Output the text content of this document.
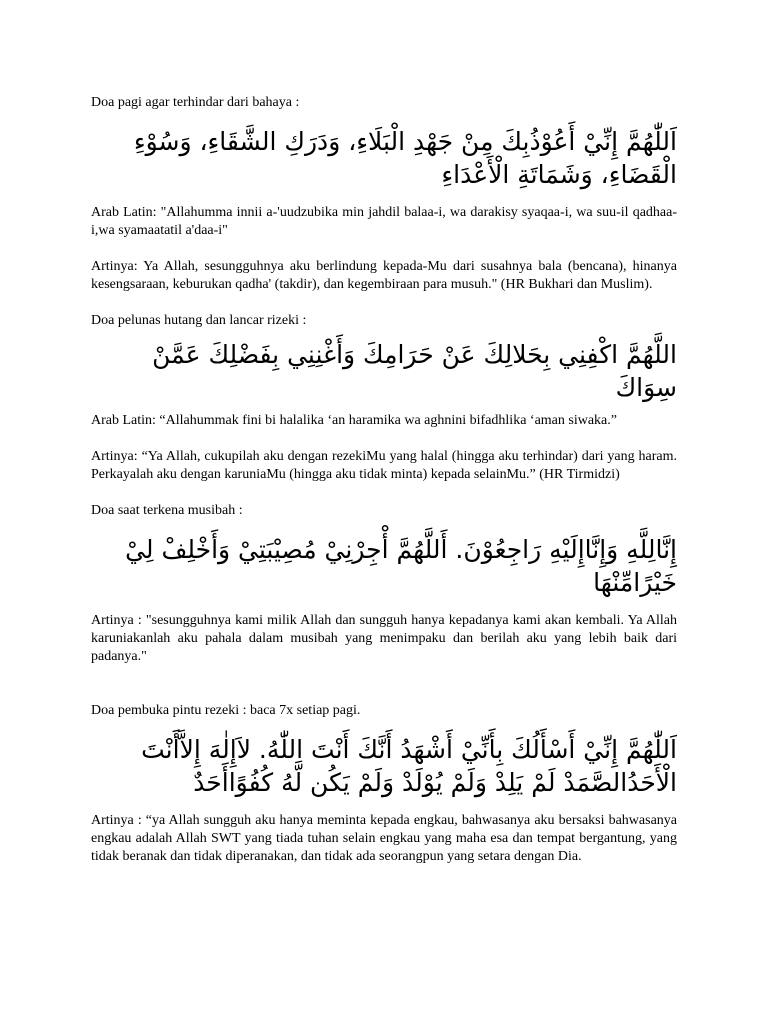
Doa pagi agar terhindar dari bahaya :

اَللّٰهُمَّ إِنِّيْ أَعُوْذُبِكَ مِنْ جَهْدِ الْبَلَاءِ، وَدَرَكِ الشَّقَاءِ، وَسُوْءِ الْقَضَاءِ، وَشَمَاتَةِ الْأَعْدَاءِ

Arab Latin: "Allahumma innii a-'uudzubika min jahdil balaa-i, wa darakisy syaqaa-i, wa suu-il qadhaa-i,wa syamaatatil a'daa-i"

Artinya: Ya Allah, sesungguhnya aku berlindung kepada-Mu dari susahnya bala (bencana), hinanya kesengsaraan, keburukan qadha' (takdir), dan kegembiraan para musuh." (HR Bukhari dan Muslim).

Doa pelunas hutang dan lancar rizeki :

اللَّهُمَّ اكْفِنِي بِحَلالِكَ عَنْ حَرَامِكَ وَأَغْنِنِي بِفَضْلِكَ عَمَّنْ سِوَاكَ

Arab Latin: “Allahummak fini bi halalika ‘an haramika wa aghnini bifadhlika ‘aman siwaka.”

Artinya: “Ya Allah, cukupilah aku dengan rezekiMu yang halal (hingga aku terhindar) dari yang haram. Perkayalah aku dengan karuniaMu (hingga aku tidak minta) kepada selainMu.” (HR Tirmidzi)

Doa saat terkena musibah :

إِنَّالِلَّهِ وَإِنَّاإِلَيْهِ رَاجِعُوْنَ. أَللَّهُمَّ أْجِرْنِيْ مُصِيْبَتِيْ وَأَخْلِفْ لِيْ خَيْرًامِّنْهَا

Artinya : "sesungguhnya kami milik Allah dan sungguh hanya kepadanya kami akan kembali. Ya Allah karuniakanlah aku pahala dalam musibah yang menimpaku dan berilah aku yang lebih baik dari padanya."

Doa pembuka pintu rezeki : baca 7x setiap pagi.

اَللّٰهُمَّ إِنِّيْ أَسْأَلُكَ بِأَنِّيْ أَشْهَدُ أَنَّكَ أَنْتَ اللّٰهُ. لاَإِلٰهَ إِلاَّأَنْتَ الْأَحَدُالصَّمَدْ لَمْ يَلِدْ وَلَمْ يُوْلَدْ وَلَمْ يَكُن لَّهُ كُفُوًاأَحَدٌ

Artinya : “ya Allah sungguh aku hanya meminta kepada engkau, bahwasanya aku bersaksi bahwasanya engkau adalah Allah SWT yang tiada tuhan selain engkau yang maha esa dan tempat bergantung, yang tidak beranak dan tidak diperanakan, dan tidak ada seorangpun yang setara dengan Dia.
